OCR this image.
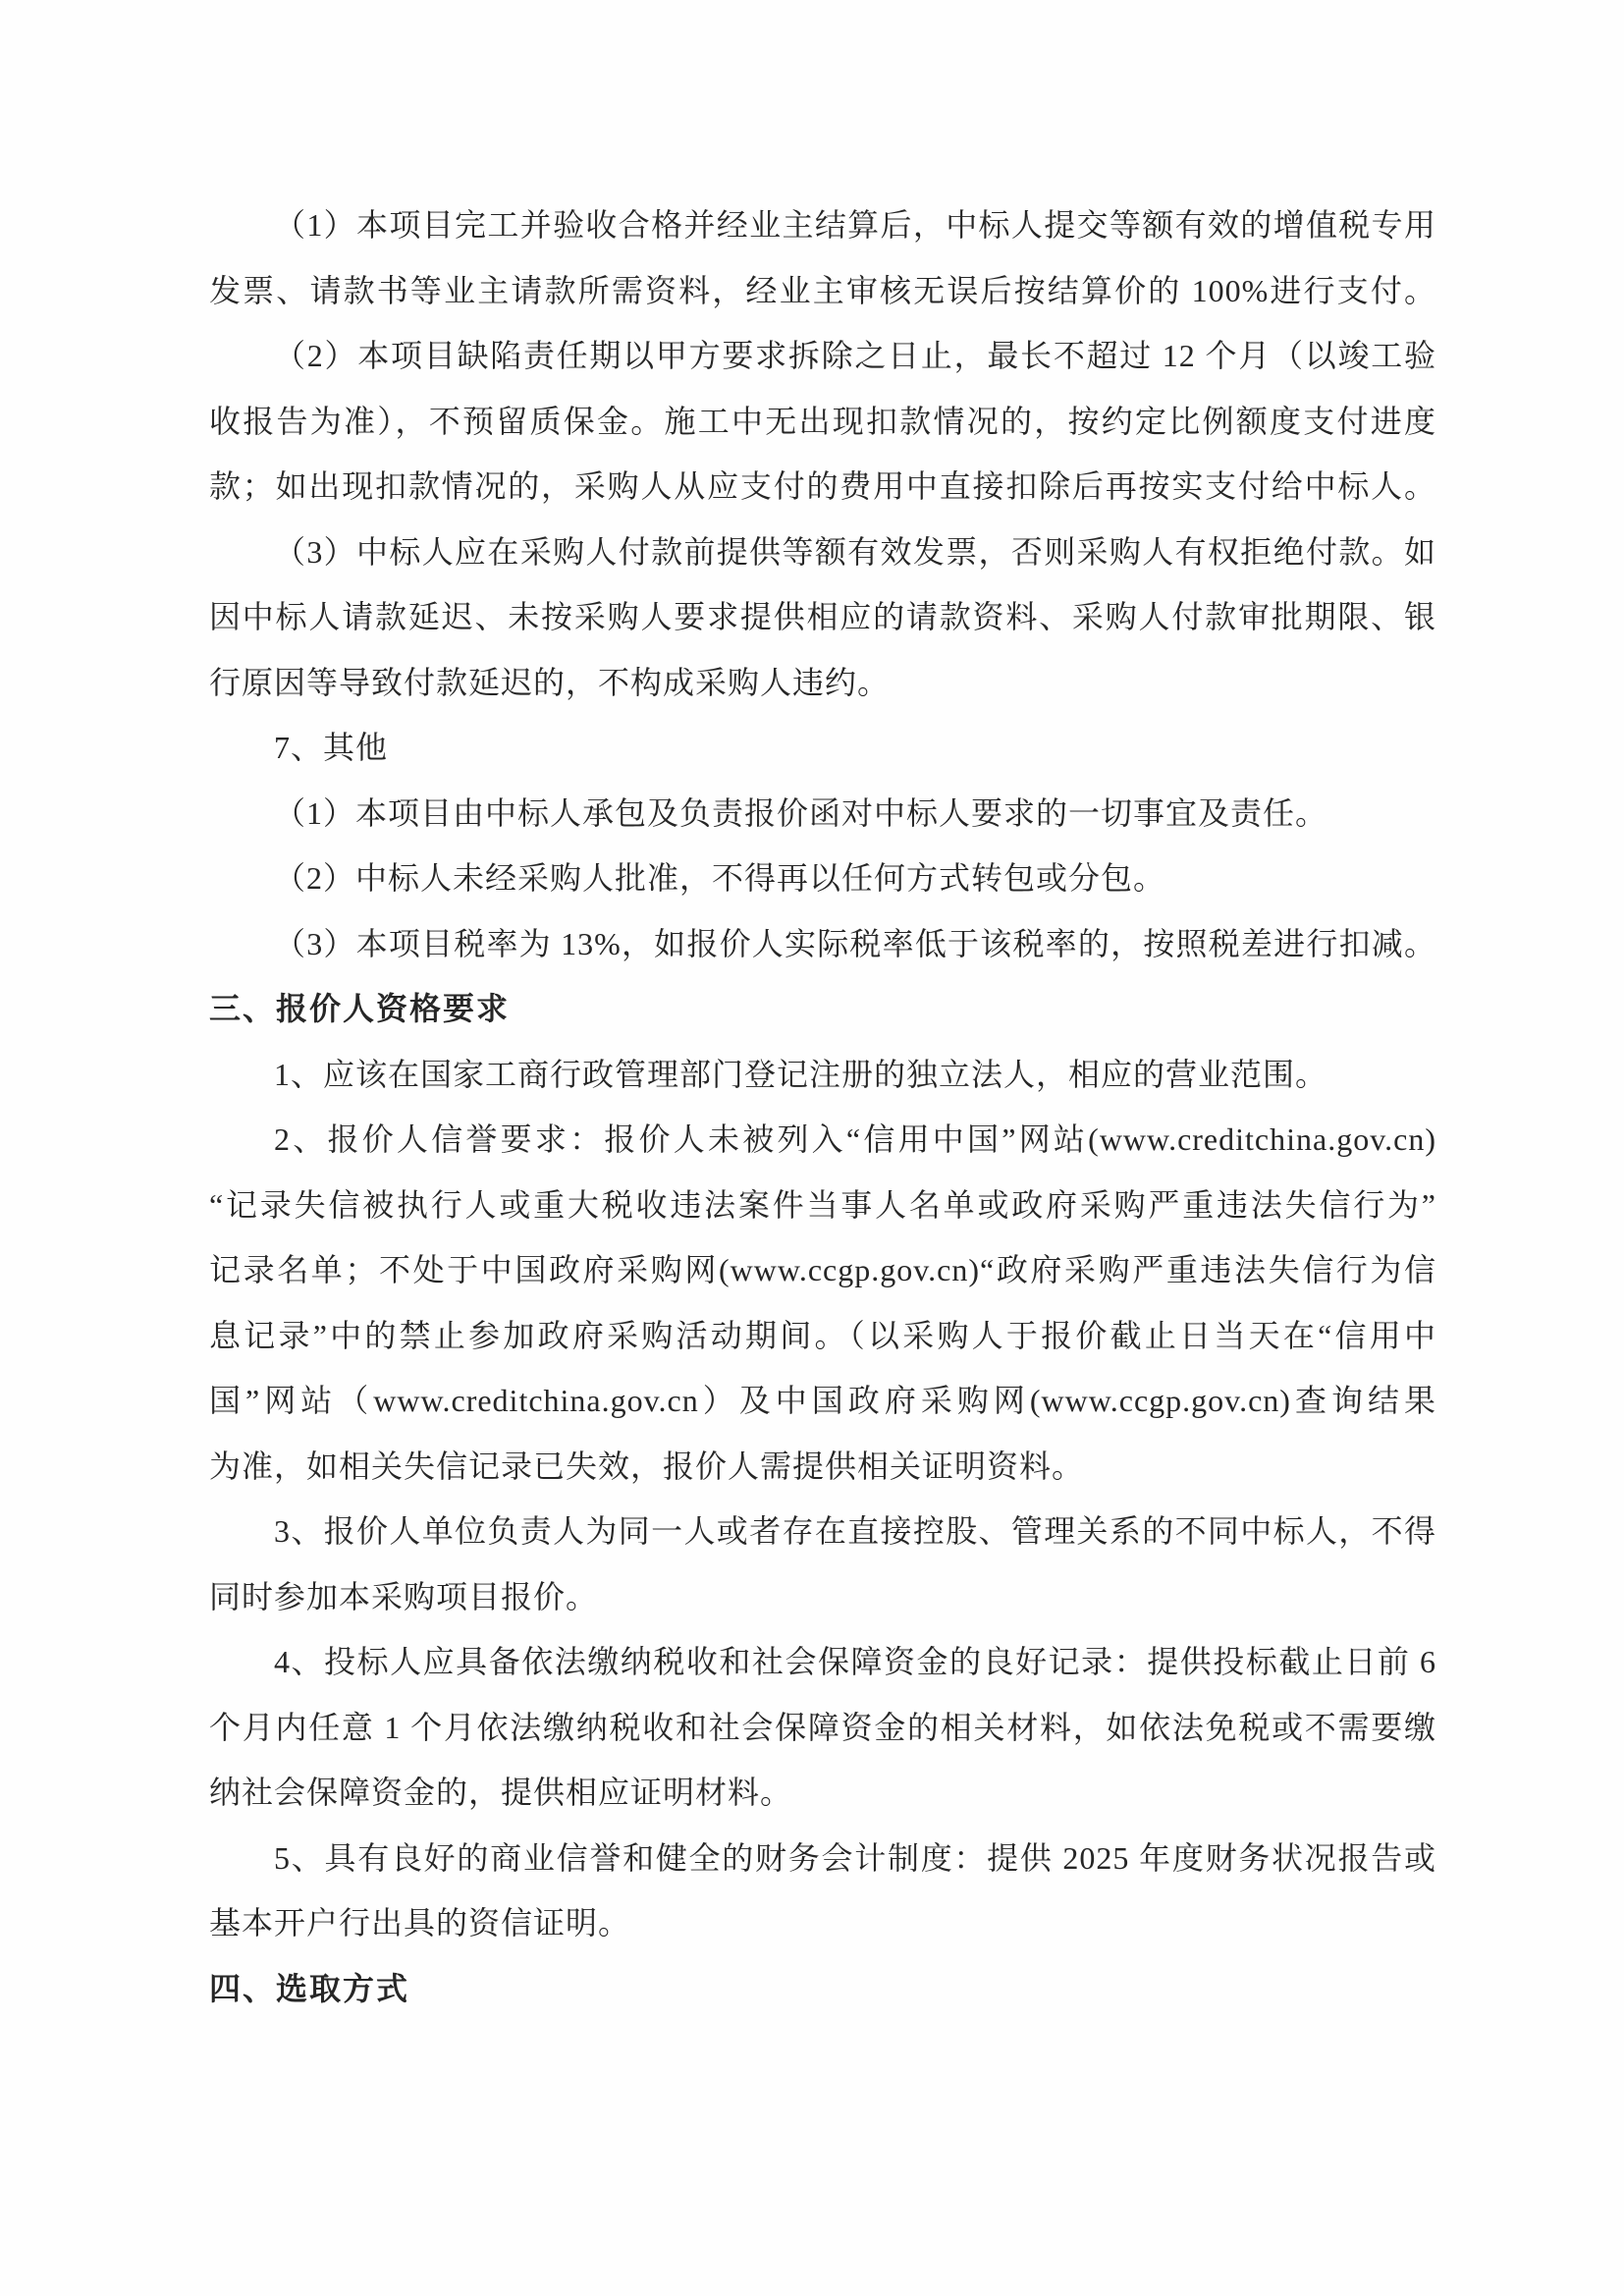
（1）本项目完工并验收合格并经业主结算后，中标人提交等额有效的增值税专用
发票、请款书等业主请款所需资料，经业主审核无误后按结算价的 100%进行支付。
（2）本项目缺陷责任期以甲方要求拆除之日止，最长不超过 12 个月（以竣工验
收报告为准），不预留质保金。施工中无出现扣款情况的，按约定比例额度支付进度
款；如出现扣款情况的，采购人从应支付的费用中直接扣除后再按实支付给中标人。
（3）中标人应在采购人付款前提供等额有效发票，否则采购人有权拒绝付款。如
因中标人请款延迟、未按采购人要求提供相应的请款资料、采购人付款审批期限、银
行原因等导致付款延迟的，不构成采购人违约。
7、其他
（1）本项目由中标人承包及负责报价函对中标人要求的一切事宜及责任。
（2）中标人未经采购人批准，不得再以任何方式转包或分包。
（3）本项目税率为 13%，如报价人实际税率低于该税率的，按照税差进行扣减。
三、报价人资格要求
1、应该在国家工商行政管理部门登记注册的独立法人，相应的营业范围。
2、报价人信誉要求：报价人未被列入“信用中国”网站(www.creditchina.gov.cn)
“记录失信被执行人或重大税收违法案件当事人名单或政府采购严重违法失信行为”
记录名单；不处于中国政府采购网(www.ccgp.gov.cn)“政府采购严重违法失信行为信
息记录”中的禁止参加政府采购活动期间。（以采购人于报价截止日当天在“信用中
国”网站（www.creditchina.gov.cn）及中国政府采购网(www.ccgp.gov.cn)查询结果
为准，如相关失信记录已失效，报价人需提供相关证明资料。
3、报价人单位负责人为同一人或者存在直接控股、管理关系的不同中标人，不得
同时参加本采购项目报价。
4、投标人应具备依法缴纳税收和社会保障资金的良好记录：提供投标截止日前 6
个月内任意 1 个月依法缴纳税收和社会保障资金的相关材料，如依法免税或不需要缴
纳社会保障资金的，提供相应证明材料。
5、具有良好的商业信誉和健全的财务会计制度：提供 2025 年度财务状况报告或
基本开户行出具的资信证明。
四、选取方式
